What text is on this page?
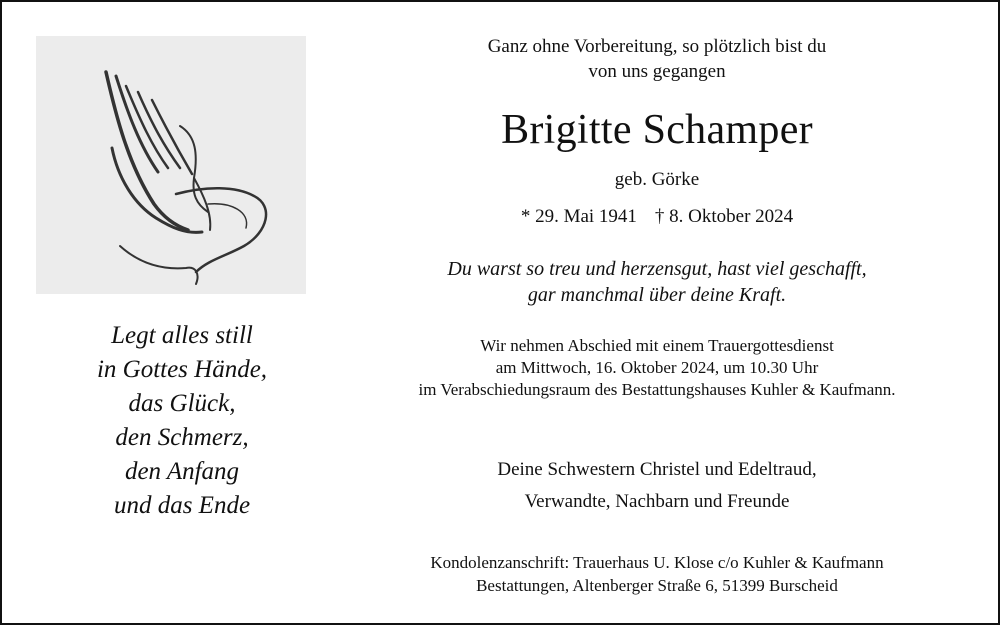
Legt alles still
in Gottes Hände,
das Glück,
den Schmerz,
den Anfang
und das Ende
Ganz ohne Vorbereitung, so plötzlich bist du
von uns gegangen
Brigitte Schamper
geb. Görke
* 29. Mai 1941 † 8. Oktober 2024
Du warst so treu und herzensgut, hast viel geschafft,
gar manchmal über deine Kraft.
Wir nehmen Abschied mit einem Trauergottesdienst
am Mittwoch, 16. Oktober 2024, um 10.30 Uhr
im Verabschiedungsraum des Bestattungshauses Kuhler & Kaufmann.
Deine Schwestern Christel und Edeltraud,
Verwandte, Nachbarn und Freunde
Kondolenzanschrift: Trauerhaus U. Klose c/o Kuhler & Kaufmann
Bestattungen, Altenberger Straße 6, 51399 Burscheid
